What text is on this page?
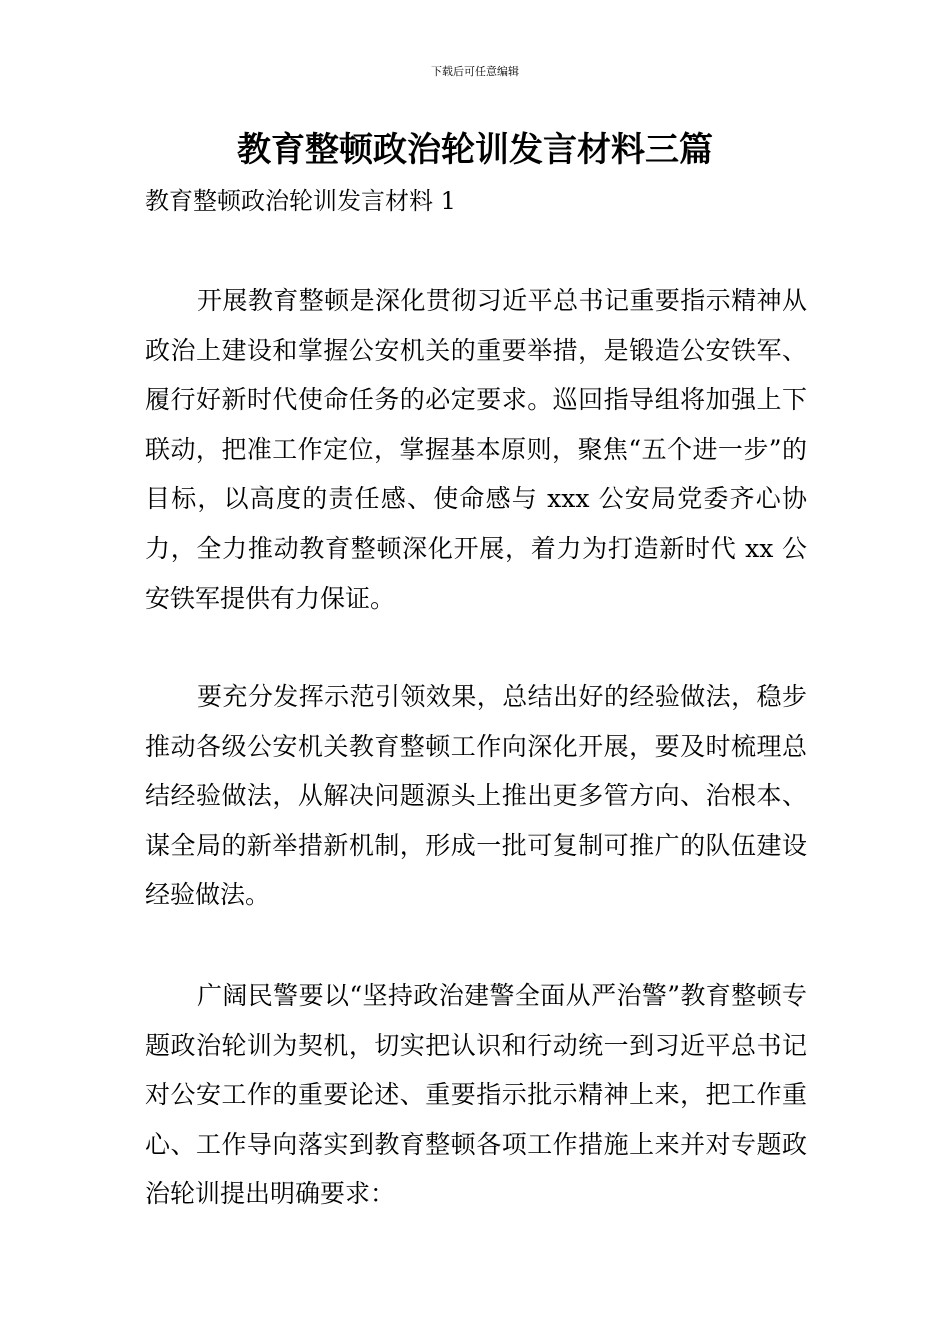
下载后可任意编辑
教育整顿政治轮训发言材料三篇
教育整顿政治轮训发言材料 1

开展教育整顿是深化贯彻习近平总书记重要指示精神从政治上建设和掌握公安机关的重要举措，是锻造公安铁军、履行好新时代使命任务的必定要求。巡回指导组将加强上下联动，把准工作定位，掌握基本原则，聚焦“五个进一步”的目标，以高度的责任感、使命感与 xxx 公安局党委齐心协力，全力推动教育整顿深化开展，着力为打造新时代 xx 公安铁军提供有力保证。

要充分发挥示范引领效果，总结出好的经验做法，稳步推动各级公安机关教育整顿工作向深化开展，要及时梳理总结经验做法，从解决问题源头上推出更多管方向、治根本、谋全局的新举措新机制，形成一批可复制可推广的队伍建设经验做法。

广阔民警要以“坚持政治建警全面从严治警”教育整顿专题政治轮训为契机，切实把认识和行动统一到习近平总书记对公安工作的重要论述、重要指示批示精神上来，把工作重心、工作导向落实到教育整顿各项工作措施上来并对专题政治轮训提出明确要求：
